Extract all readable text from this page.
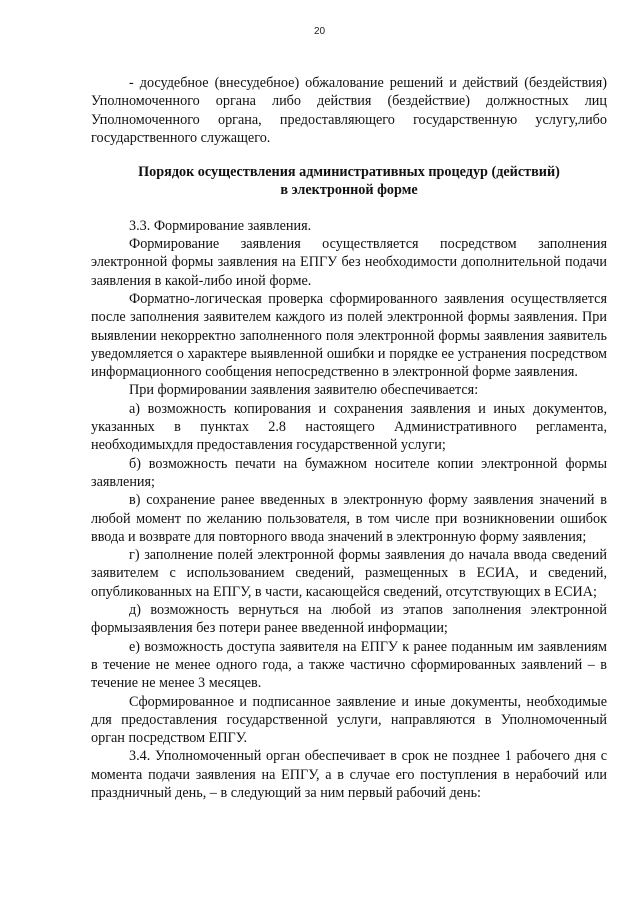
20

- досудебное (внесудебное) обжалование решений и действий (бездействия) Уполномоченного органа либо действия (бездействие) должностных лиц Уполномоченного органа, предоставляющего государственную услугу,либо государственного служащего.

Порядок осуществления административных процедур (действий)
в электронной форме

3.3. Формирование заявления.

Формирование заявления осуществляется посредством заполнения электронной формы заявления на ЕПГУ без необходимости дополнительной подачи заявления в какой-либо иной форме.

Форматно-логическая проверка сформированного заявления осуществляется после заполнения заявителем каждого из полей электронной формы заявления. При выявлении некорректно заполненного поля электронной формы заявления заявитель уведомляется о характере выявленной ошибки и порядке ее устранения посредством информационного сообщения непосредственно в электронной форме заявления.

При формировании заявления заявителю обеспечивается:

а) возможность копирования и сохранения заявления и иных документов, указанных в пунктах 2.8 настоящего Административного регламента, необходимыхдля предоставления государственной услуги;

б) возможность печати на бумажном носителе копии электронной формы заявления;

в) сохранение ранее введенных в электронную форму заявления значений в любой момент по желанию пользователя, в том числе при возникновении ошибок ввода и возврате для повторного ввода значений в электронную форму заявления;

г) заполнение полей электронной формы заявления до начала ввода сведений заявителем с использованием сведений, размещенных в ЕСИА, и сведений, опубликованных на ЕПГУ, в части, касающейся сведений, отсутствующих в ЕСИА;

д) возможность вернуться на любой из этапов заполнения электронной формызаявления без потери ранее введенной информации;

е) возможность доступа заявителя на ЕПГУ к ранее поданным им заявлениям в течение не менее одного года, а также частично сформированных заявлений – в течение не менее 3 месяцев.

Сформированное и подписанное заявление и иные документы, необходимые для предоставления государственной услуги, направляются в Уполномоченный орган посредством ЕПГУ.

3.4. Уполномоченный орган обеспечивает в срок не позднее 1 рабочего дня с момента подачи заявления на ЕПГУ, а в случае его поступления в нерабочий или праздничный день, – в следующий за ним первый рабочий день:
